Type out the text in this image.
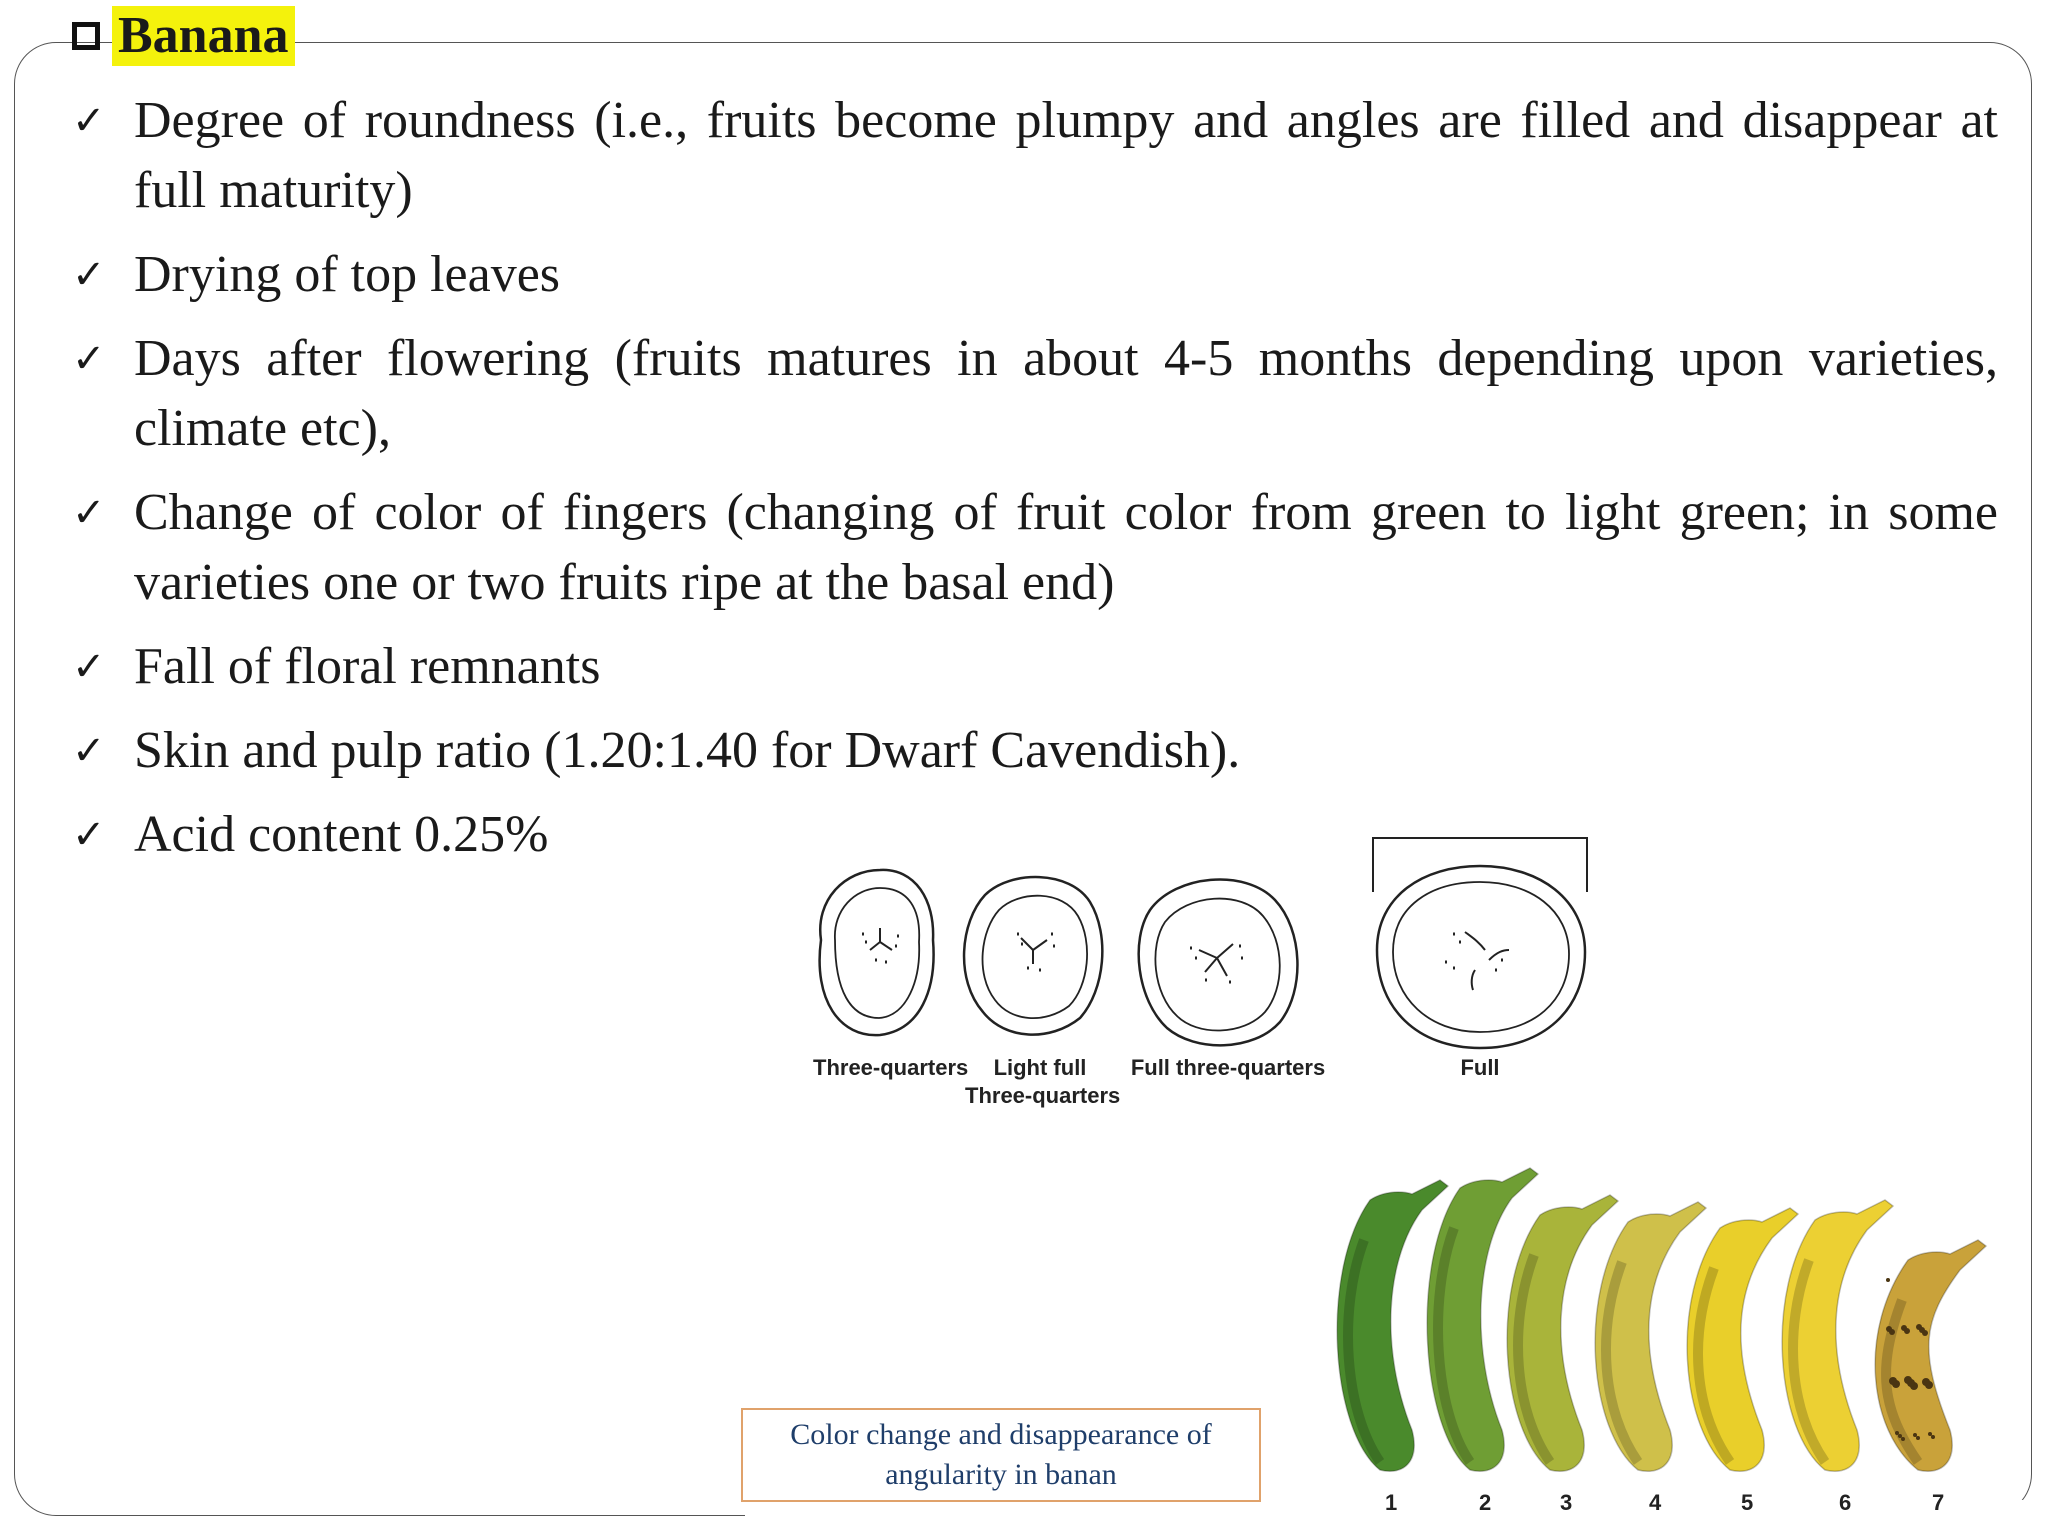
Banana
✓ Degree of roundness (i.e., fruits become plumpy and angles are filled and disappear at full maturity)
✓ Drying of top leaves
✓ Days after flowering (fruits matures in about 4-5 months depending upon varieties, climate etc),
✓ Change of color of fingers (changing of fruit color from green to light green; in some varieties one or two fruits ripe at the basal end)
✓ Fall of floral remnants
✓ Skin and pulp ratio (1.20:1.40 for Dwarf Cavendish).
✓ Acid content 0.25%
Three-quarters	Light full
Three-quarters
Full three-quarters	Full
Color change and disappearance of angularity in banan
1	2	3	4	5	6	7
